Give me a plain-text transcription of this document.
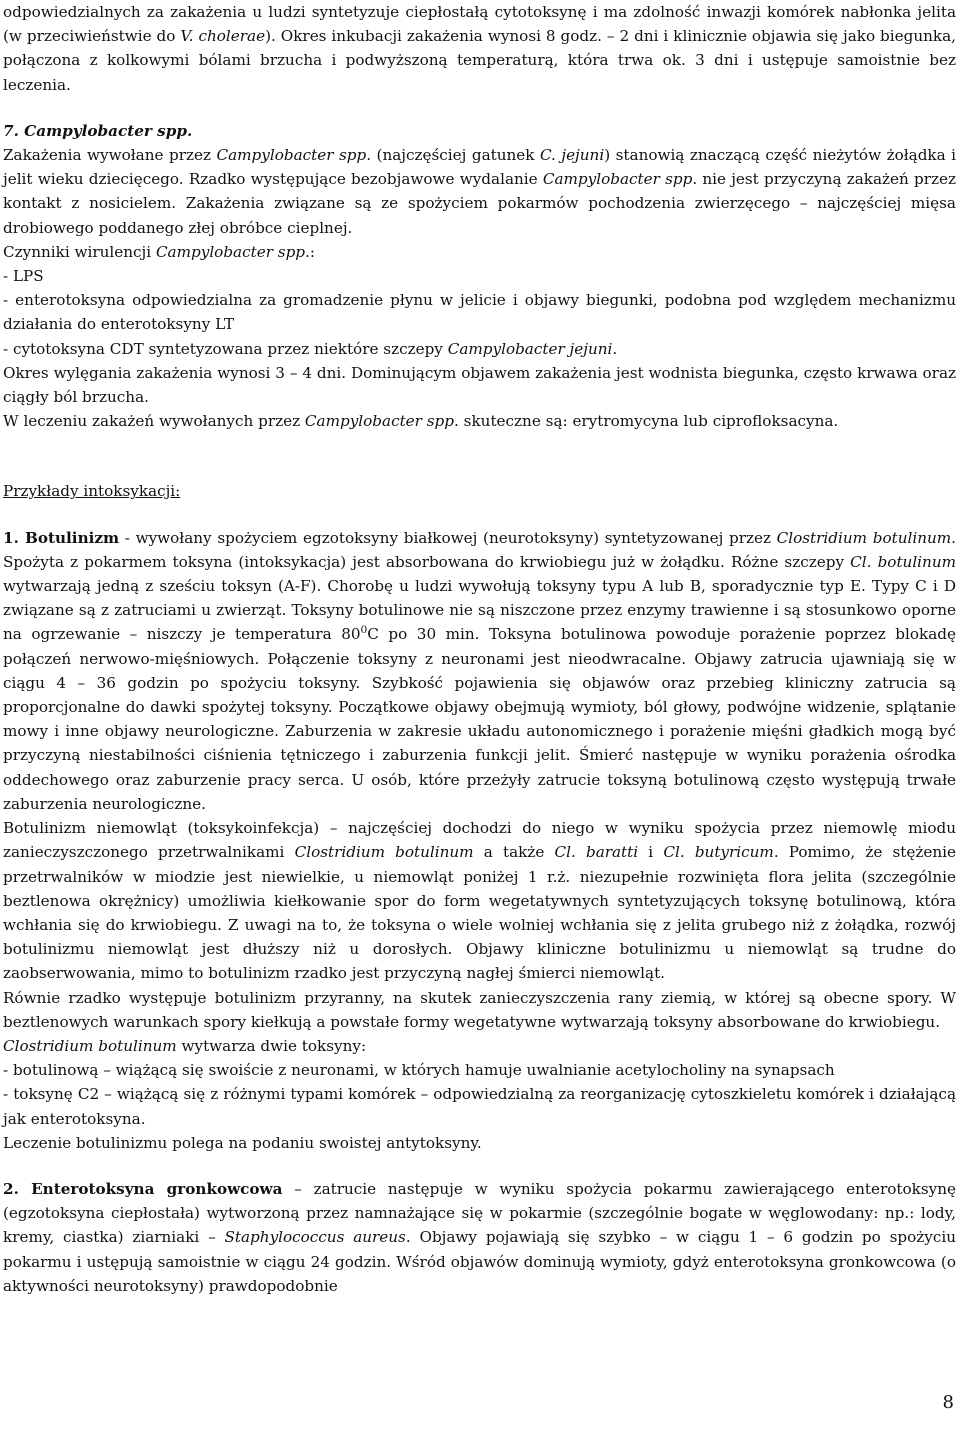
odpowiedzialnych za zakażenia u ludzi syntetyzuje ciepłostałą cytotoksynę i ma zdolność inwazji komórek nabłonka jelita (w przeciwieństwie do V. cholerae). Okres inkubacji zakażenia wynosi 8 godz. – 2 dni i klinicznie objawia się jako biegunka, połączona z kolkowymi bólami brzucha i podwyższoną temperaturą, która trwa ok. 3 dni i ustępuje samoistnie bez leczenia.

7. Campylobacter spp.

Zakażenia wywołane przez Campylobacter spp. (najczęściej gatunek C. jejuni) stanowią znaczącą część nieżytów żołądka i jelit wieku dziecięcego. Rzadko występujące bezobjawowe wydalanie Campylobacter spp. nie jest przyczyną zakażeń przez kontakt z nosicielem. Zakażenia związane są ze spożyciem pokarmów pochodzenia zwierzęcego – najczęściej mięsa drobiowego poddanego złej obróbce cieplnej.

Czynniki wirulencji Campylobacter spp.:

- LPS

- enterotoksyna odpowiedzialna za gromadzenie płynu w jelicie i objawy biegunki, podobna pod względem mechanizmu działania do enterotoksyny LT

- cytotoksyna CDT syntetyzowana przez niektóre szczepy Campylobacter jejuni.

Okres wylęgania zakażenia wynosi 3 – 4 dni. Dominującym objawem zakażenia jest wodnista biegunka, często krwawa oraz ciągły ból brzucha.

W leczeniu zakażeń wywołanych przez Campylobacter spp. skuteczne są: erytromycyna lub ciprofloksacyna.

Przykłady intoksykacji:

1. Botulinizm - wywołany spożyciem egzotoksyny białkowej (neurotoksyny) syntetyzowanej przez Clostridium botulinum. Spożyta z pokarmem toksyna (intoksykacja) jest absorbowana do krwiobiegu już w żołądku. Różne szczepy Cl. botulinum wytwarzają jedną z sześciu toksyn (A-F). Chorobę u ludzi wywołują toksyny typu A lub B, sporadycznie typ E. Typy C i D związane są z zatruciami u zwierząt. Toksyny botulinowe nie są niszczone przez enzymy trawienne i są stosunkowo oporne na ogrzewanie – niszczy je temperatura $80^0C$ po 30 min. Toksyna botulinowa powoduje porażenie poprzez blokadę połączeń nerwowo-mięśniowych. Połączenie toksyny z neuronami jest nieodwracalne. Objawy zatrucia ujawniają się w ciągu 4 – 36 godzin po spożyciu toksyny. Szybkość pojawienia się objawów oraz przebieg kliniczny zatrucia są proporcjonalne do dawki spożytej toksyny. Początkowe objawy obejmują wymioty, ból głowy, podwójne widzenie, splątanie mowy i inne objawy neurologiczne. Zaburzenia w zakresie układu autonomicznego i porażenie mięśni gładkich mogą być przyczyną niestabilności ciśnienia tętniczego i zaburzenia funkcji jelit. Śmierć następuje w wyniku porażenia ośrodka oddechowego oraz zaburzenie pracy serca. U osób, które przeżyły zatrucie toksyną botulinową często występują trwałe zaburzenia neurologiczne.

Botulinizm niemowląt (toksykoinfekcja) – najczęściej dochodzi do niego w wyniku spożycia przez niemowlę miodu zanieczyszczonego przetrwalnikami Clostridium botulinum a także Cl. baratti i Cl. butyricum. Pomimo, że stężenie przetrwalników w miodzie jest niewielkie, u niemowląt poniżej 1 r.ż. niezupełnie rozwinięta flora jelita (szczególnie beztlenowa okrężnicy) umożliwia kiełkowanie spor do form wegetatywnych syntetyzujących toksynę botulinową, która wchłania się do krwiobiegu. Z uwagi na to, że toksyna o wiele wolniej wchłania się z jelita grubego niż z żołądka, rozwój botulinizmu niemowląt jest dłuższy niż u dorosłych. Objawy kliniczne botulinizmu u niemowląt są trudne do zaobserwowania, mimo to botulinizm rzadko jest przyczyną nagłej śmierci niemowląt.

Równie rzadko występuje botulinizm przyranny, na skutek zanieczyszczenia rany ziemią, w której są obecne spory. W beztlenowych warunkach spory kiełkują a powstałe formy wegetatywne wytwarzają toksyny absorbowane do krwiobiegu.

Clostridium botulinum wytwarza dwie toksyny:

- botulinową – wiążącą się swoiście z neuronami, w których hamuje uwalnianie acetylocholiny na synapsach

- toksynę C2 – wiążącą się z różnymi typami komórek – odpowiedzialną za reorganizację cytoszkieletu komórek i działającą jak enterotoksyna.

Leczenie botulinizmu polega na podaniu swoistej antytoksyny.

2. Enterotoksyna gronkowcowa – zatrucie następuje w wyniku spożycia pokarmu zawierającego enterotoksynę (egzotoksyna ciepłostała) wytworzoną przez namnażające się w pokarmie (szczególnie bogate w węglowodany: np.: lody, kremy, ciastka) ziarniaki – Staphylococcus aureus. Objawy pojawiają się szybko – w ciągu 1 – 6 godzin po spożyciu pokarmu i ustępują samoistnie w ciągu 24 godzin. Wśród objawów dominują wymioty, gdyż enterotoksyna gronkowcowa (o aktywności neurotoksyny) prawdopodobnie

8
